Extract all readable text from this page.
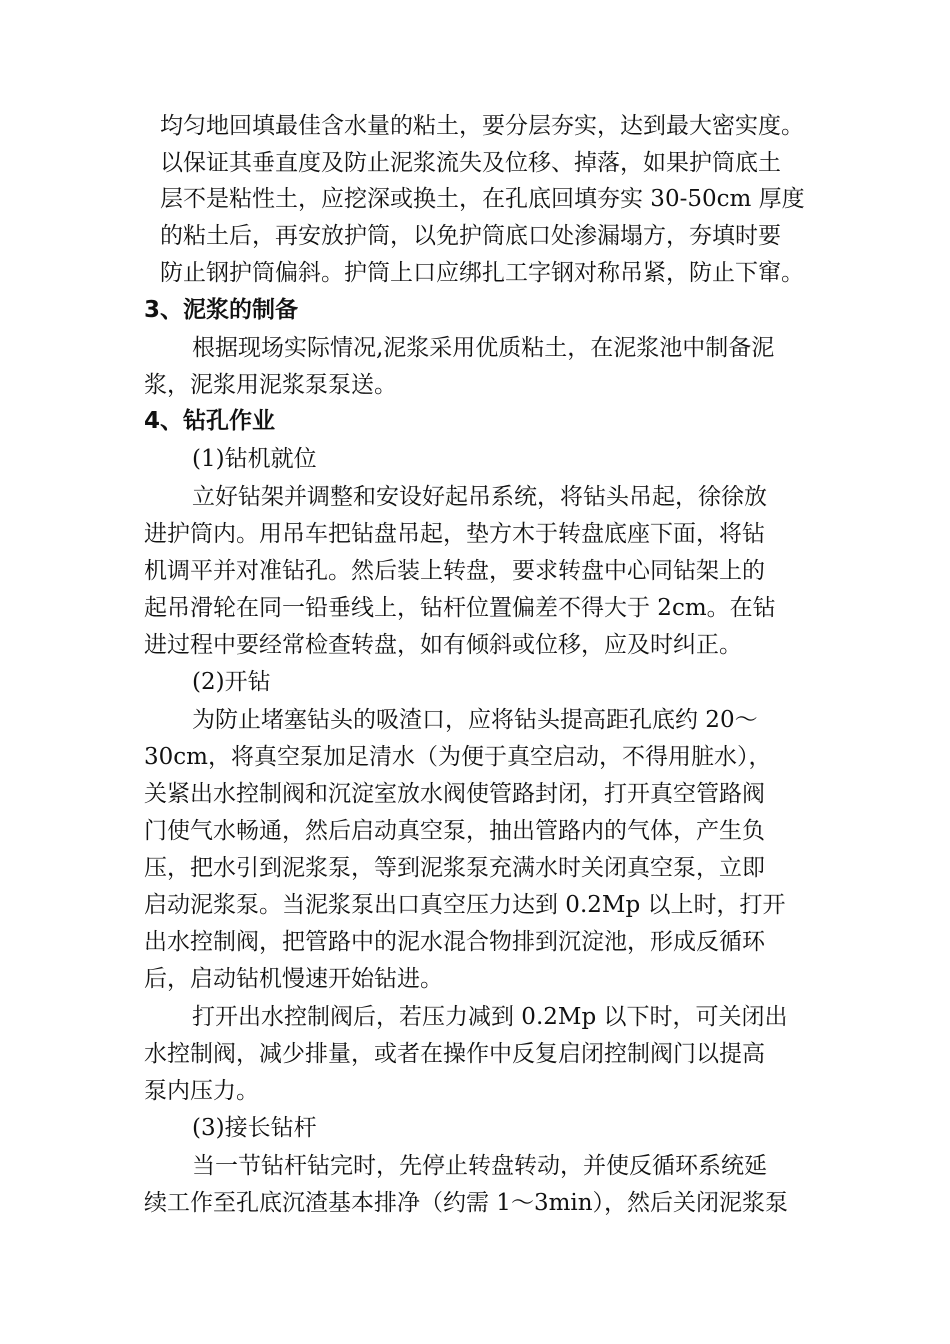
均匀地回填最佳含水量的粘土，要分层夯实，达到最大密实度。

以保证其垂直度及防止泥浆流失及位移、掉落，如果护筒底土

层不是粘性土，应挖深或换土，在孔底回填夯实 30-50cm 厚度

的粘土后，再安放护筒，以免护筒底口处渗漏塌方，夯填时要

防止钢护筒偏斜。护筒上口应绑扎工字钢对称吊紧，防止下窜。

3、泥浆的制备

根据现场实际情况,泥浆采用优质粘土，在泥浆池中制备泥

浆，泥浆用泥浆泵泵送。

4、钻孔作业

(1)钻机就位

立好钻架并调整和安设好起吊系统，将钻头吊起，徐徐放

进护筒内。用吊车把钻盘吊起，垫方木于转盘底座下面，将钻

机调平并对准钻孔。然后装上转盘，要求转盘中心同钻架上的

起吊滑轮在同一铅垂线上，钻杆位置偏差不得大于 2cm。在钻

进过程中要经常检查转盘，如有倾斜或位移，应及时纠正。

(2)开钻

为防止堵塞钻头的吸渣口，应将钻头提高距孔底约 20～

30cm，将真空泵加足清水（为便于真空启动，不得用脏水），

关紧出水控制阀和沉淀室放水阀使管路封闭，打开真空管路阀

门使气水畅通，然后启动真空泵，抽出管路内的气体，产生负

压，把水引到泥浆泵，等到泥浆泵充满水时关闭真空泵，立即

启动泥浆泵。当泥浆泵出口真空压力达到 0.2Mp 以上时，打开

出水控制阀，把管路中的泥水混合物排到沉淀池，形成反循环

后，启动钻机慢速开始钻进。

打开出水控制阀后，若压力减到 0.2Mp 以下时，可关闭出

水控制阀，减少排量，或者在操作中反复启闭控制阀门以提高

泵内压力。

(3)接长钻杆

当一节钻杆钻完时，先停止转盘转动，并使反循环系统延

续工作至孔底沉渣基本排净（约需 1～3min），然后关闭泥浆泵
